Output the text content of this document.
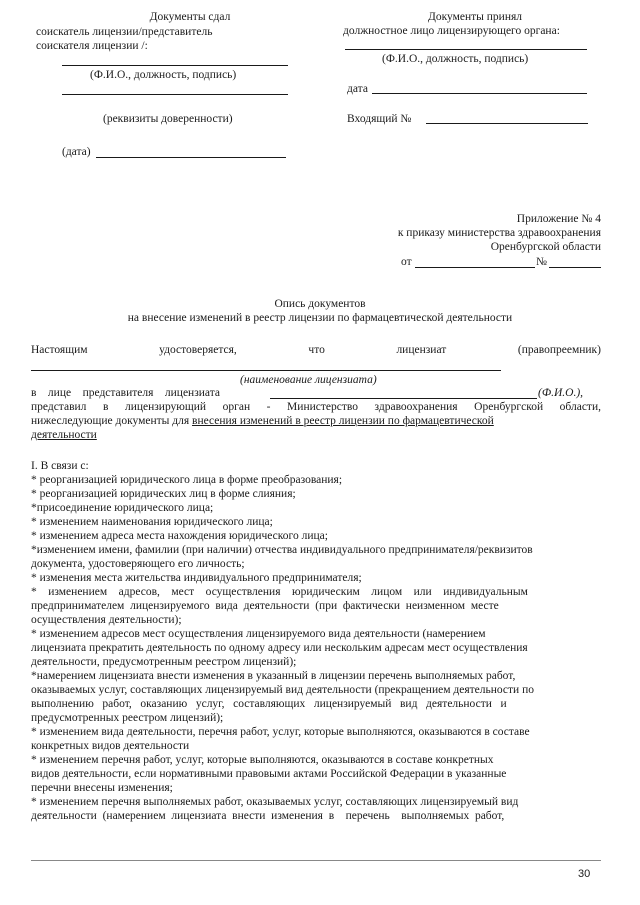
Документы сдал
соискатель лицензии/представитель
соискателя лицензии /:
(Ф.И.О., должность, подпись)
(реквизиты доверенности)
(дата)
Документы принял
должностное лицо лицензирующего органа:
(Ф.И.О., должность, подпись)
дата
Входящий №
Приложение № 4
к приказу министерства здравоохранения
Оренбургской области
от	№
Опись документов
на внесение изменений в реестр лицензии по фармацевтической деятельности
Настоящим	удостоверяется,	что	лицензиат	(правопреемник)
(наименование лицензиата)
в    лице    представителя    лицензиата	(Ф.И.О.),
представил в лицензирующий орган - Министерство здравоохранения Оренбургской области,
нижеследующие документы для внесения изменений в реестр лицензии по фармацевтической
деятельности
I. В связи с:
* реорганизацией юридического лица в форме преобразования;
* реорганизацией юридических лиц в форме слияния;
*присоединение юридического лица;
* изменением наименования юридического лица;
* изменением адреса места нахождения юридического лица;
*изменением имени, фамилии (при наличии) отчества индивидуального предпринимателя/реквизитов
документа, удостоверяющего его личность;
* изменения места жительства индивидуального предпринимателя;
*    изменением    адресов,    мест    осуществления    юридическим    лицом    или    индивидуальным
предпринимателем  лицензируемого  вида  деятельности  (при  фактически  неизменном  месте
осуществления деятельности);
* изменением адресов мест осуществления лицензируемого вида деятельности (намерением
лицензиата прекратить деятельность по одному адресу или нескольким адресам мест осуществления
деятельности, предусмотренным реестром лицензий);
*намерением лицензиата внести изменения в указанный в лицензии перечень выполняемых работ,
оказываемых услуг, составляющих лицензируемый вид деятельности (прекращением деятельности по
выполнению   работ,   оказанию   услуг,   составляющих   лицензируемый   вид   деятельности   и
предусмотренных реестром лицензий);
* изменением вида деятельности, перечня работ, услуг, которые выполняются, оказываются в составе
конкретных видов деятельности
* изменением перечня работ, услуг, которые выполняются, оказываются в составе конкретных
видов деятельности, если нормативными правовыми актами Российской Федерации в указанные
перечни внесены изменения;
* изменением перечня выполняемых работ, оказываемых услуг, составляющих лицензируемый вид
деятельности  (намерением  лицензиата  внести  изменения  в    перечень    выполняемых  работ,
30
